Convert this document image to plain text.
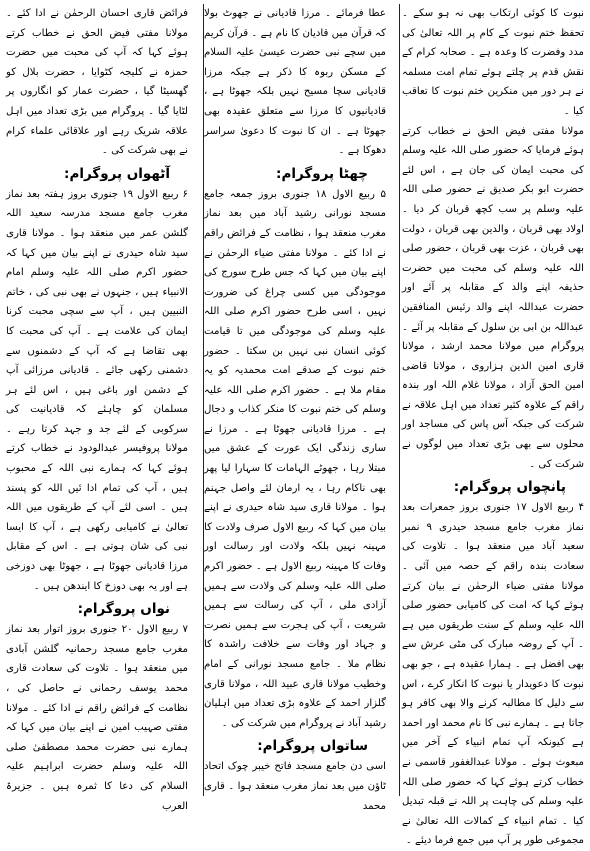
نبوت کا کوئی ارتکاب بھی نہ ہو سکے ۔ تحفظ ختم نبوت کے کام پر اللہ تعالیٰ کی مدد وفضرت کا وعدہ ہے ۔ صحابہ کرام کے نقش قدم پر چلتے ہوئے تمام امت مسلمہ نے ہر دور میں منکرین ختم نبوت کا تعاقب کیا ۔

مولانا مفتی فیض الحق نے خطاب کرتے ہوئے فرمایا کہ حضور صلی اللہ علیہ وسلم کی محبت ایمان کی جان ہے ، اس لئے حضرت ابو بکر صدیق نے حضور صلی اللہ علیہ وسلم پر سب کچھ قربان کر دیا ۔ اولاد بھی قربان ، والدین بھی قربان ، دولت بھی قربان ، عزت بھی قربان ، حضور صلی اللہ علیہ وسلم کی محبت میں حضرت حذیفہ اپنے والد کے مقابلہ پر آئے اور حضرت عبداللہ اپنے والد رئیس المنافقین عبداللہ بن ابی بن سلول کے مقابلہ پر آئے ۔ پروگرام میں مولانا محمد ارشد ، مولانا قاری امین الدین ہزاروی ، مولانا قاضی امین الحق آزاد ، مولانا غلام اللہ اور بندہ راقم کے علاوہ کثیر تعداد میں اہل علاقہ نے شرکت کی جبکہ آس پاس کی مساجد اور محلوں سے بھی بڑی تعداد میں لوگوں نے شرکت کی ۔

پانچواں پروگرام:

۴ ربیع الاول ۱۷ جنوری بروز جمعرات بعد نماز مغرب جامع مسجد حیدری ۹ نمبر سعید آباد میں منعقد ہوا ۔ تلاوت کی سعادت بندہ راقم کے حصہ میں آئی ۔ مولانا مفتی ضیاء الرحمٰن نے بیان کرتے ہوئے کہا کہ امت کی کامیابی حضور صلی اللہ علیہ وسلم کے سنت طریقوں میں ہے ۔ آپ کے روضہ مبارک کی مٹی عرش سے بھی افضل ہے ۔ ہمارا عقیدہ ہے ، جو بھی نبوت کا دعویدار یا نبوت کا انکار کرے ، اس سے دلیل کا مطالبہ کرنے والا بھی کافر ہو جاتا ہے ۔ ہمارے نبی کا نام محمد اور احمد ہے کیونکہ آپ تمام انبیاء کے آخر میں مبعوث ہوئے ۔ مولانا عبدالغفور قاسمی نے خطاب کرتے ہوئے کہا کہ حضور صلی اللہ علیہ وسلم کی چاہت پر اللہ نے قبلہ تبدیل کیا ۔ تمام انبیاء کے کمالات اللہ تعالیٰ نے مجموعی طور پر آپ میں جمع فرما دیئے ۔

عطا فرمائے ۔ مرزا قادیانی نے جھوٹ بولا کہ قرآن میں قادیان کا نام ہے ۔ قرآن کریم میں سچے نبی حضرت عیسیٰ علیہ السلام کے مسکن ربوہ کا ذکر ہے جبکہ مرزا قادیانی سچا مسیح نہیں بلکہ جھوٹا ہے ، قادیانیوں کا مرزا سے متعلق عقیدہ بھی جھوٹا ہے ۔ ان کا نبوت کا دعویٰ سراسر دھوکا ہے ۔

چھٹا پروگرام:

۵ ربیع الاول ۱۸ جنوری بروز جمعہ جامع مسجد نورانی رشید آباد میں بعد نماز مغرب منعقد ہوا ، نظامت کے فرائض راقم نے ادا کئے ۔ مولانا مفتی ضیاء الرحمٰن نے اپنے بیان میں کہا کہ جس طرح سورج کی موجودگی میں کسی چراغ کی ضرورت نہیں ، اسی طرح حضور اکرم صلی اللہ علیہ وسلم کی موجودگی میں تا قیامت کوئی انسان نبی نہیں بن سکتا ۔ حضور ختم نبوت کے صدقے امت محمدیہ کو یہ مقام ملا ہے ۔ حضور اکرم صلی اللہ علیہ وسلم کی ختم نبوت کا منکر کذاب و دجال ہے ۔ مرزا قادیانی جھوٹا ہے ۔ مرزا نے ساری زندگی ایک عورت کے عشق میں مبتلا رہا ، جھوٹے الہامات کا سہارا لیا پھر بھی ناکام رہا ، یہ ارمان لئے واصل جہنم ہوا ۔ مولانا قاری سید شاہ حیدری نے اپنے بیان میں کہا کہ ربیع الاول صرف ولادت کا مہینہ نہیں بلکہ ولادت اور رسالت اور وفات کا مہینہ ربیع الاول ہے ۔ حضور اکرم صلی اللہ علیہ وسلم کی ولادت سے ہمیں آزادی ملی ، آپ کی رسالت سے ہمیں شریعت ، آپ کی ہجرت سے ہمیں نصرت و جہاد اور وفات سے خلافت راشدہ کا نظام ملا ۔ جامع مسجد نورانی کے امام وخطیب مولانا قاری عبید اللہ ، مولانا قاری گلزار احمد کے علاوہ بڑی تعداد میں اہلیان رشید آباد نے پروگرام میں شرکت کی ۔

ساتواں پروگرام:

اسی دن جامع مسجد فاتح خیبر چوک اتحاد ٹاؤن میں بعد نماز مغرب منعقد ہوا ۔ قاری محمد

فرائض قاری احسان الرحمٰن نے ادا کئے ۔ مولانا مفتی فیض الحق نے خطاب کرتے ہوئے کہا کہ آپ کی محبت میں حضرت حمزہ نے کلیجہ کٹوایا ، حضرت بلال کو گھسیٹا گیا ، حضرت عمار کو انگاروں پر لٹایا گیا ۔ پروگرام میں بڑی تعداد میں اہل علاقہ شریک رہے اور علاقائی علماء کرام نے بھی شرکت کی ۔

آٹھواں پروگرام:

۶ ربیع الاول ۱۹ جنوری بروز ہفتہ بعد نماز مغرب جامع مسجد مدرسہ سعید اللہ گلشن عمر میں منعقد ہوا ۔ مولانا قاری سید شاہ حیدری نے اپنے بیان میں کہا کہ حضور اکرم صلی اللہ علیہ وسلم امام الانبیاء ہیں ، جنہوں نے بھی نبی کی ، خاتم النبیین ہیں ، آپ سے سچی محبت کرنا ایمان کی علامت ہے ۔ آپ کی محبت کا بھی تقاضا ہے کہ آپ کے دشمنوں سے دشمنی رکھی جائے ۔ قادیانی مرزائی آپ کے دشمن اور باغی ہیں ، اس لئے ہر مسلمان کو چاہئے کہ قادیانیت کی سرکوبی کے لئے جد و جہد کرتا رہے ۔ مولانا پروفیسر عبدالودود نے خطاب کرتے ہوئے کہا کہ ہمارے نبی اللہ کے محبوب ہیں ، آپ کی تمام ادا ئیں اللہ کو پسند ہیں ۔ اسی لئے آپ کے طریقوں میں اللہ تعالیٰ نے کامیابی رکھی ہے ، آپ کا ایسا نبی کی شان ہوتی ہے ۔ اس کے مقابل مرزا قادیانی جھوٹا ہے ، جھوٹا بھی دوزخی ہے اور یہ بھی دوزخ کا ایندھن ہیں ۔

نواں پروگرام:

۷ ربیع الاول ۲۰ جنوری بروز اتوار بعد نماز مغرب جامع مسجد رحمانیہ گلشن آبادی میں منعقد ہوا ۔ تلاوت کی سعادت قاری محمد یوسف رحمانی نے حاصل کی ، نظامت کے فرائض راقم نے ادا کئے ۔ مولانا مفتی صہیب امین نے اپنے بیان میں کہا کہ ہمارے نبی حضرت محمد مصطفیٰ صلی اللہ علیہ وسلم حضرت ابراہیم علیہ السلام کی دعا کا ثمرہ ہیں ۔ جزیرۃ العرب
